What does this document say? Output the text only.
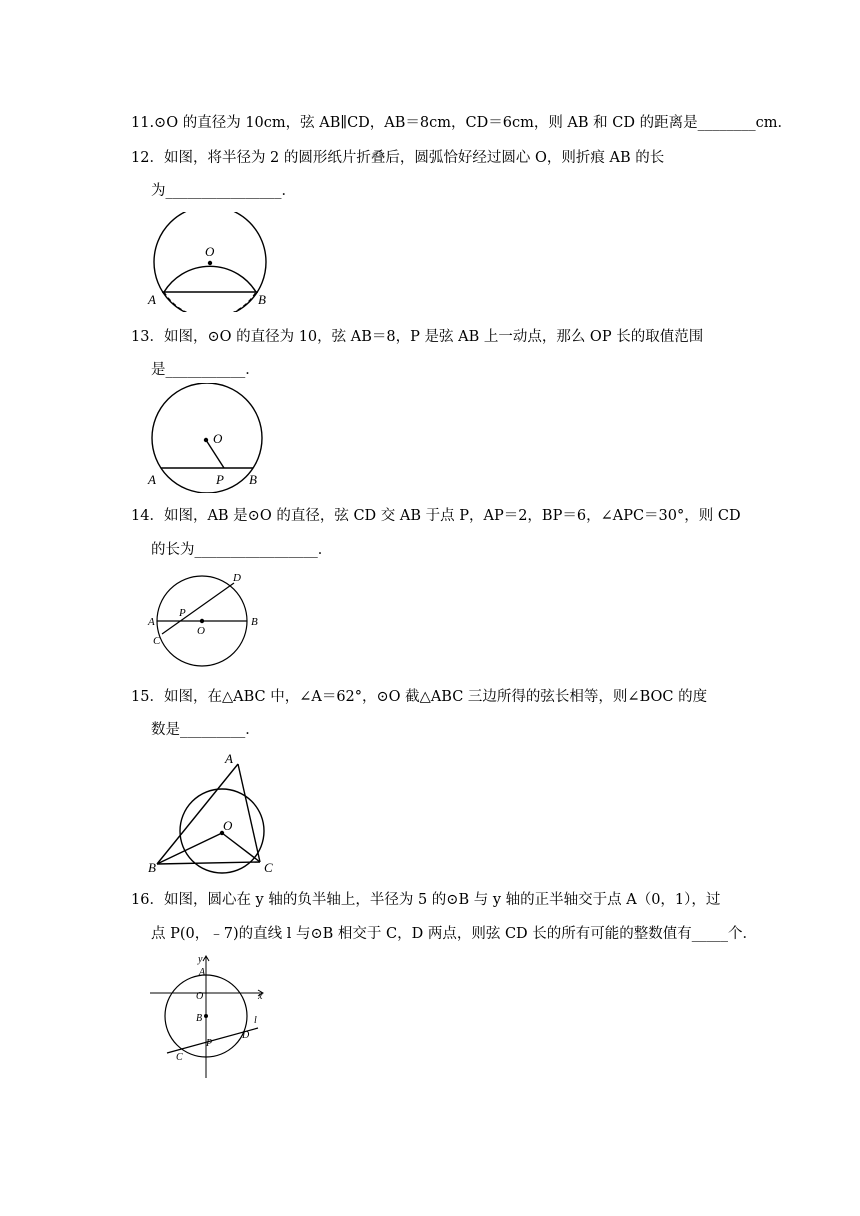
11.⊙O 的直径为 10cm，弦 AB∥CD，AB＝8cm，CD＝6cm，则 AB 和 CD 的距离是________cm．
12．如图，将半径为 2 的圆形纸片折叠后，圆弧恰好经过圆心 O，则折痕 AB 的长
为________________．
O
A	B
13．如图，⊙O 的直径为 10，弦 AB＝8，P 是弦 AB 上一动点，那么 OP 长的取值范围
是___________．
O
A	P B
14．如图，AB 是⊙O 的直径，弦 CD 交 AB 于点 P，AP＝2，BP＝6，∠APC＝30°，则 CD
的长为_________________．
A
P
O
B
C
D
15．如图，在△ABC 中，∠A＝62°，⊙O 截△ABC 三边所得的弦长相等，则∠BOC 的度
数是_________．
A
O
B	C
16．如图，圆心在 y 轴的负半轴上，半径为 5 的⊙B 与 y 轴的正半轴交于点 A（0，1），过
点 P(0，﹣7)的直线 l 与⊙B 相交于 C，D 两点，则弦 CD 长的所有可能的整数值有_____个．
y
x
A
O
B	l
D
P
C
